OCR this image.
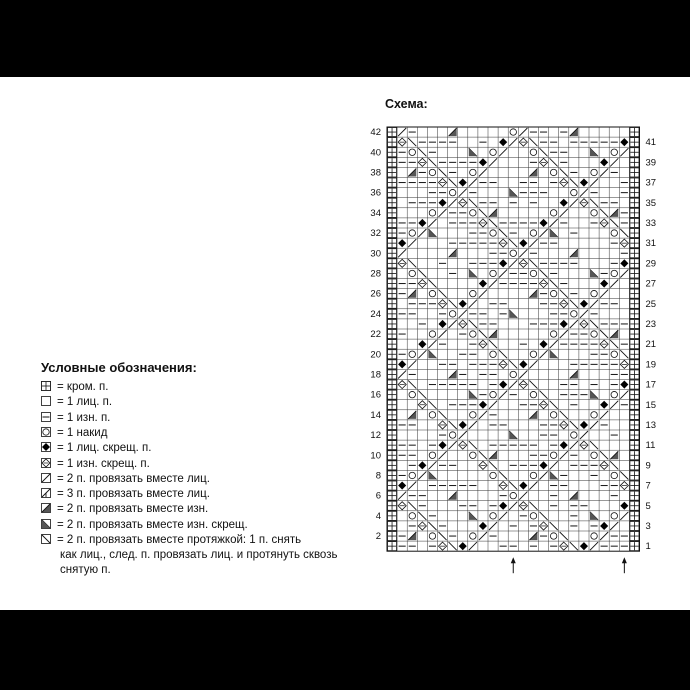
Условные обозначения:
= кром. п.
= 1 лиц. п.
= 1 изн. п.
= 1 накид
= 1 лиц. скрещ. п.
= 1 изн. скрещ. п.
= 2 п. провязать вместе лиц.
= 3 п. провязать вместе лиц.
= 2 п. провязать вместе изн.
= 2 п. провязать вместе изн. скрещ.
= 2 п. провязать вместе протяжкой: 1 п. снять
как лиц., след. п. провязать лиц. и протянуть сквозь снятую п.
Схема:
42
40
38
36
34
32
30
28
26
24
22
20
18
16
14
12
10
8
6
4
2
41
39
37
35
33
31
29
27
25
23
21
19
17
15
13
11
9
7
5
3
1
